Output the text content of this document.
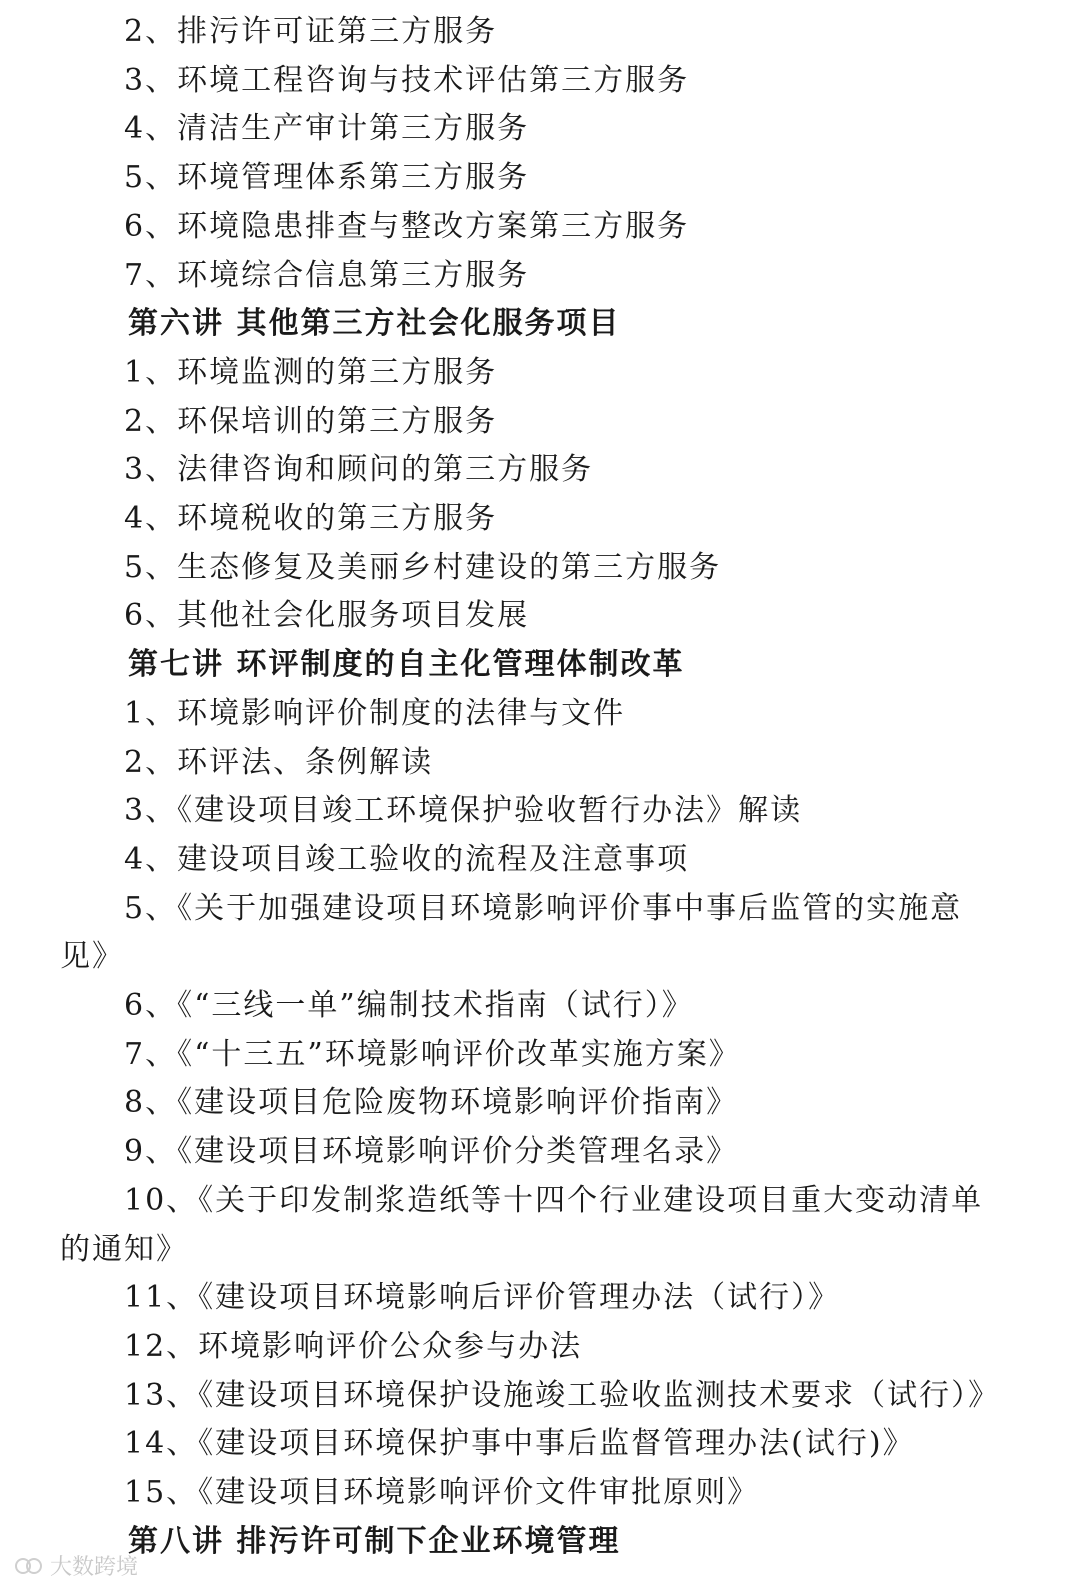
2、排污许可证第三方服务
3、环境工程咨询与技术评估第三方服务
4、清洁生产审计第三方服务
5、环境管理体系第三方服务
6、环境隐患排查与整改方案第三方服务
7、环境综合信息第三方服务
第六讲 其他第三方社会化服务项目
1、环境监测的第三方服务
2、环保培训的第三方服务
3、法律咨询和顾问的第三方服务
4、环境税收的第三方服务
5、生态修复及美丽乡村建设的第三方服务
6、其他社会化服务项目发展
第七讲 环评制度的自主化管理体制改革
1、环境影响评价制度的法律与文件
2、环评法、条例解读
3、《建设项目竣工环境保护验收暂行办法》解读
4、建设项目竣工验收的流程及注意事项
5、《关于加强建设项目环境影响评价事中事后监管的实施意
见》
6、《“三线一单”编制技术指南（试行）》
7、《“十三五”环境影响评价改革实施方案》
8、《建设项目危险废物环境影响评价指南》
9、《建设项目环境影响评价分类管理名录》
10、《关于印发制浆造纸等十四个行业建设项目重大变动清单
的通知》
11、《建设项目环境影响后评价管理办法（试行）》
12、环境影响评价公众参与办法
13、《建设项目环境保护设施竣工验收监测技术要求（试行）》
14、《建设项目环境保护事中事后监督管理办法(试行)》
15、《建设项目环境影响评价文件审批原则》
第八讲 排污许可制下企业环境管理
大数跨境
